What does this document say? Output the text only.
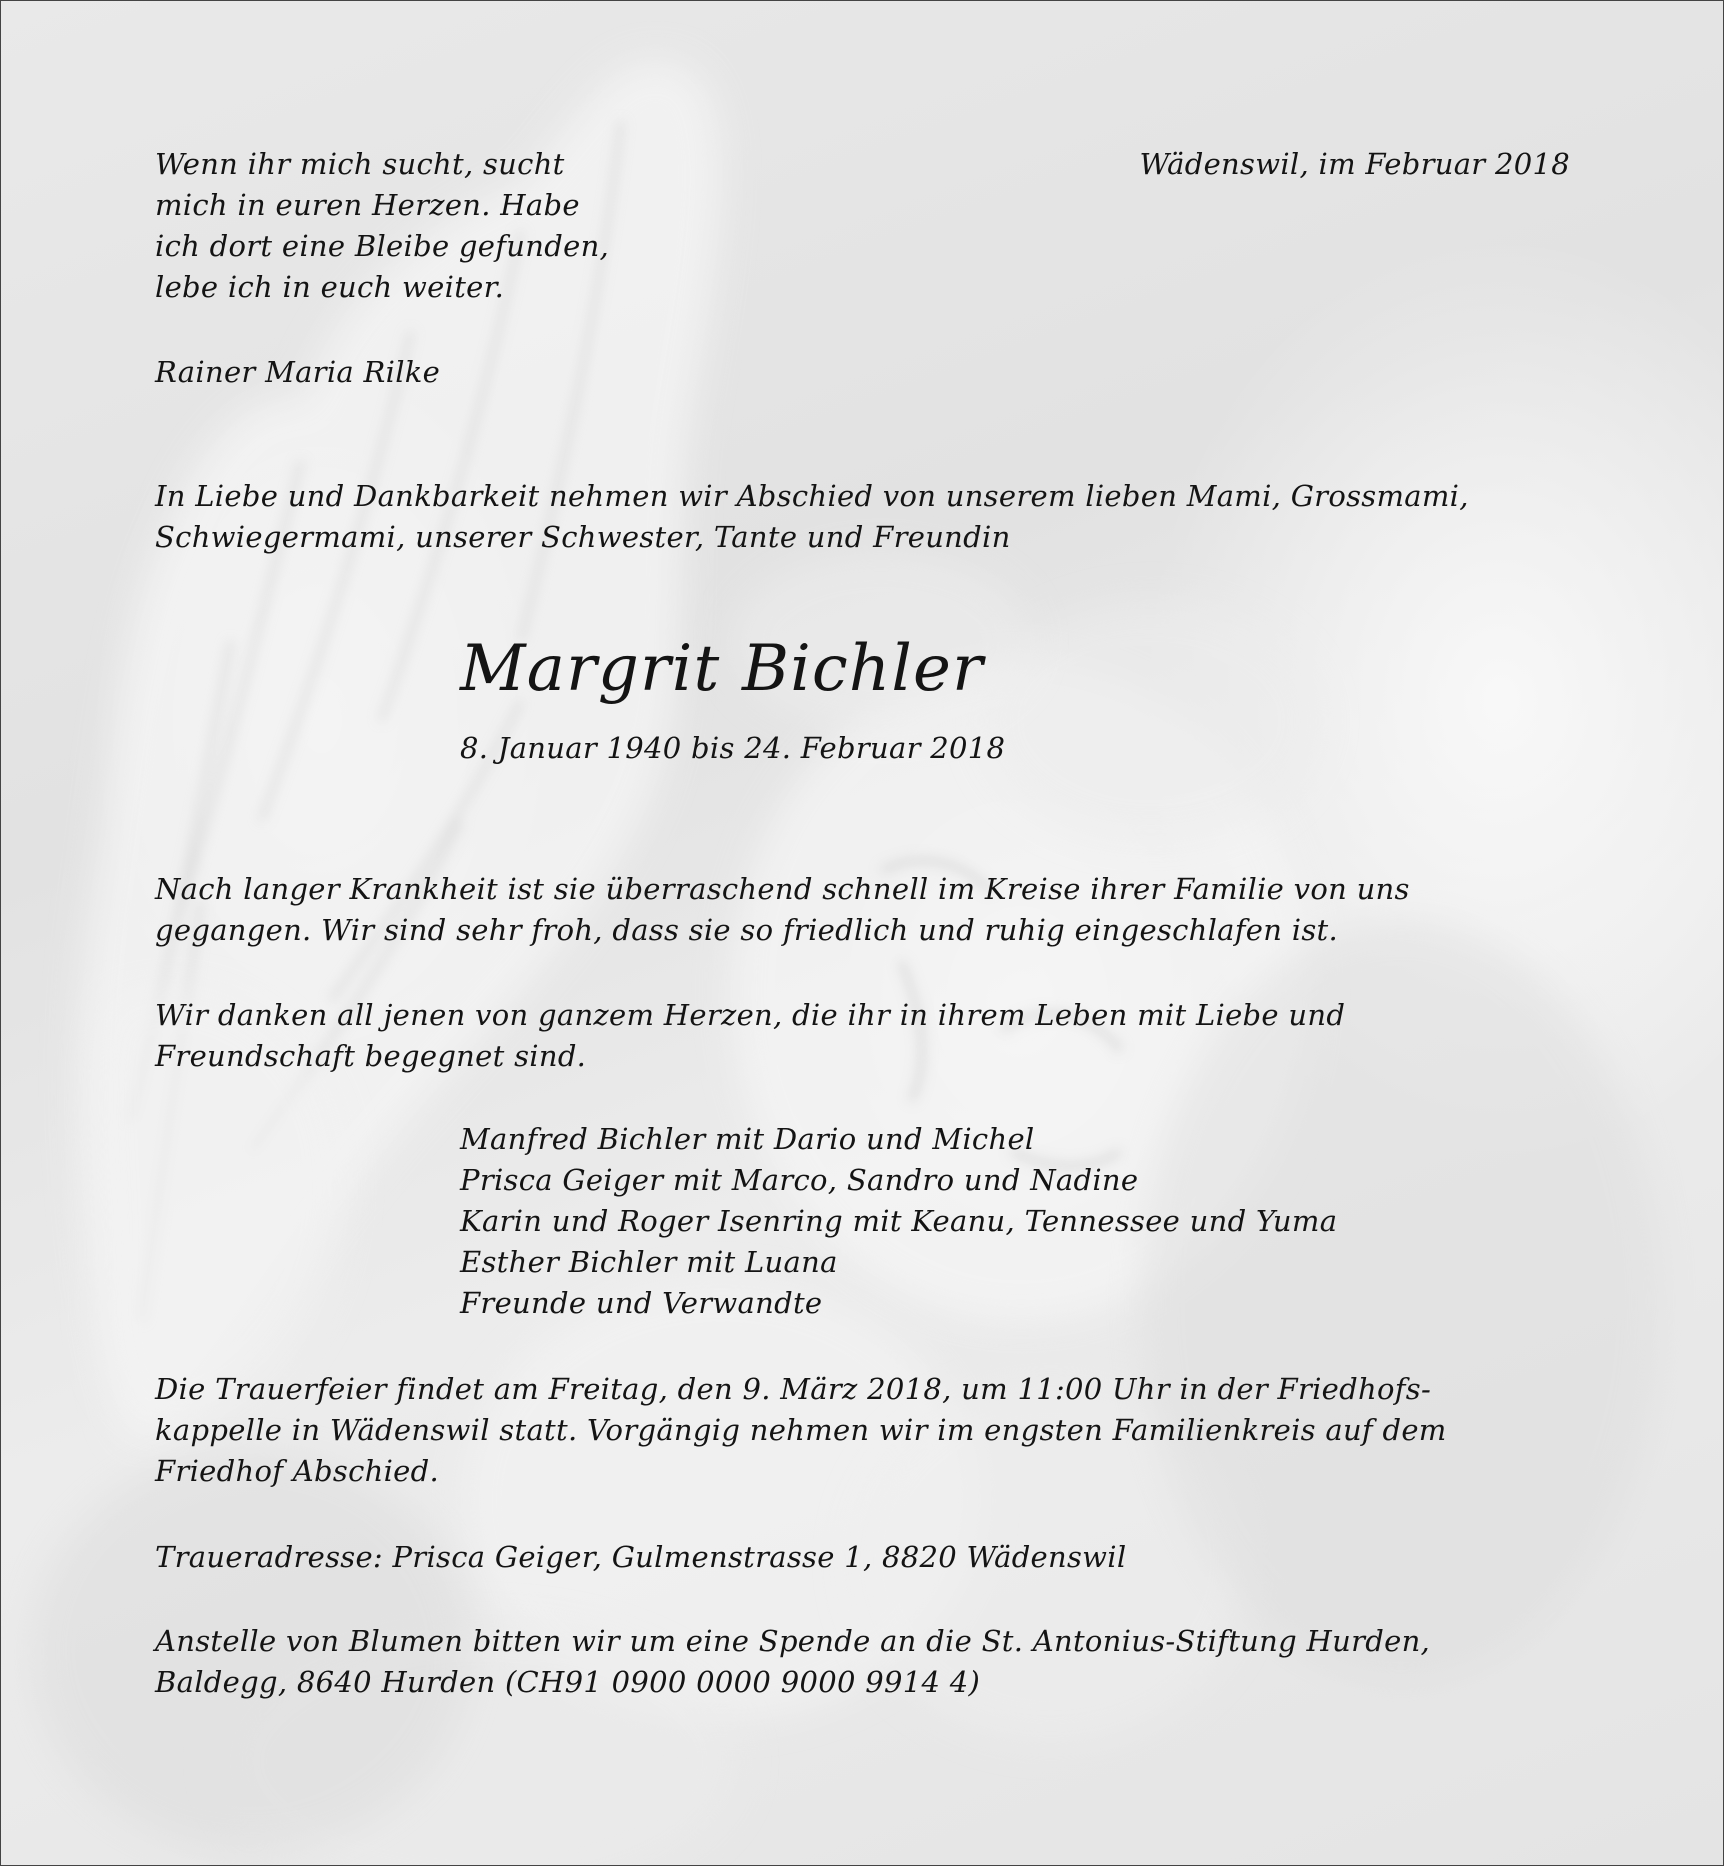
Wenn ihr mich sucht, sucht
mich in euren Herzen. Habe
ich dort eine Bleibe gefunden,
lebe ich in euch weiter.
Rainer Maria Rilke
Wädenswil, im Februar 2018
In Liebe und Dankbarkeit nehmen wir Abschied von unserem lieben Mami, Grossmami,
Schwiegermami, unserer Schwester, Tante und Freundin
Margrit Bichler
8. Januar 1940 bis 24. Februar 2018
Nach langer Krankheit ist sie überraschend schnell im Kreise ihrer Familie von uns
gegangen. Wir sind sehr froh, dass sie so friedlich und ruhig eingeschlafen ist.
Wir danken all jenen von ganzem Herzen, die ihr in ihrem Leben mit Liebe und
Freundschaft begegnet sind.
Manfred Bichler mit Dario und Michel
Prisca Geiger mit Marco, Sandro und Nadine
Karin und Roger Isenring mit Keanu, Tennessee und Yuma
Esther Bichler mit Luana
Freunde und Verwandte
Die Trauerfeier findet am Freitag, den 9. März 2018, um 11:00 Uhr in der Friedhofs-
kappelle in Wädenswil statt. Vorgängig nehmen wir im engsten Familienkreis auf dem
Friedhof Abschied.
Traueradresse: Prisca Geiger, Gulmenstrasse 1, 8820 Wädenswil
Anstelle von Blumen bitten wir um eine Spende an die St. Antonius-Stiftung Hurden,
Baldegg, 8640 Hurden (CH91 0900 0000 9000 9914 4)
